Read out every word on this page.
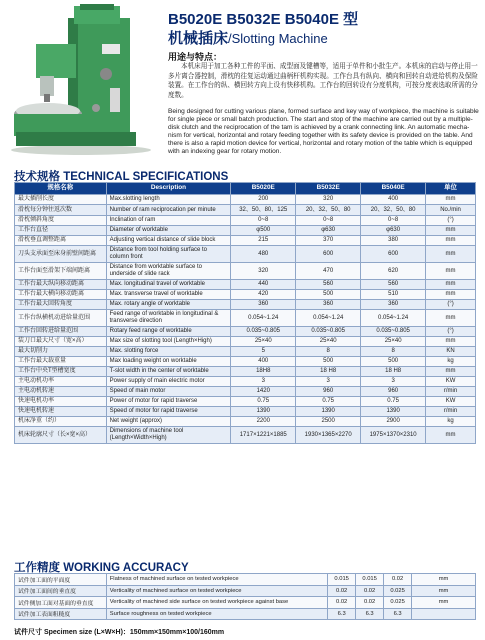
B5020E B5032E B5040E 型
机械插床/Slotting Machine
用途与特点：
本机床用于加工各种工件的平面、成型面及键槽等，适用于单件和小批生产。本机床的启动与停止用一多片离合器控制，滑枕的往复运动通过曲柄杆机构实现。工作台具有纵向、横向和回转自动进给机构及保险装置。在工作台的纵、横回转方向上设有快移机构。工作台的回转设有分度机构，可按分度表选取所需的分度数。
Being designed for cutting various plane, formed surface and key way of workpiece, the machine is suitable for single piece or small batch production. The start and stop of the machine are carried out by a multiple-disk clutch and the reciprocation of the tam is achieved by a crank connecting link. An automatic mecha-nism for vertical, horizontal and rotary feeding together with its safety device is provided on the table. And there is also a rapid motion device for vertical, horizontal and rotary motion of the table which is equipped with an indexing gear for rotary motion.
技术规格 TECHNICAL SPECIFICATIONS
规格名称	Description	B5020E	B5032E	B5040E	单位
最大插削长度	Max.slotting length	200	320	400	mm
滑枕每分钟往返次数	Number of ram reciprocation per minute	32、50、80、125	20、32、50、80	20、32、50、80	No./min
滑枕倾斜角度	Inclination of ram	0~8	0~8	0~8	(°)
工作台直径	Diameter of worktable	φ500	φ630	φ630	mm
滑枕垂直调整距离	Adjusting vertical distance of slide block	215	370	380	mm
刀头支承面至床身前壁间距离	Distance from tool holding surface to column front	480	600	600	mm
工作台面至滑架下端间距离	Distance from worktable surface to underside of slide rack	320	470	620	mm
工作台最大纵向移动距离	Max. longitudinal travel of worktable	440	560	560	mm
工作台最大横向移动距离	Max. transverse travel of worktable	420	500	510	mm
工作台最大回转角度	Max. rotary angle of worktable	360	360	360	(°)
工作台纵横机动进给量范围	Feed range of worktable in longitudinal & transverse direction	0.054~1.24	0.054~1.24	0.054~1.24	mm
工作台回转进给量范围	Rotary feed range of worktable	0.035~0.805	0.035~0.805	0.035~0.805	(°)
装刀口最大尺寸（宽×高）	Max size of slotting tool (Length×High)	25×40	25×40	25×40	mm
最大切削力	Max. slotting force	5	8	8	KN
工作台最大载重量	Max loading weight on worktable	400	500	500	kg
工作台中央T型槽宽度	T-slot width in the center of worktable	18H8	18 H8	18 H8	mm
主电动机功率	Power supply of main electric motor	3	3	3	KW
主电动机转速	Speed of main motor	1420	960	960	r/min
快速电机功率	Power of motor for rapid traverse	0.75	0.75	0.75	KW
快速电机转速	Speed of motor for rapid traverse	1390	1390	1390	r/min
机床净重（约）	Net weight (approx)	2200	2500	2900	kg
机床轮廓尺寸（长×宽×高）	Dimensions of machine tool (Length×Width×High)	1717×1221×1885	1930×1365×2270	1975×1370×2310	mm
工作精度 WORKING ACCURACY
试件加工面的平面度	Flatness of machined surface on tested workpiece	0.015	0.015	0.02	mm
试件加工面间的垂直度	Verticality of machined surface on tested workpiece	0.02	0.02	0.025	mm
试件侧加工面对基面的垂直度	Verticality of machined side surface on tested workpiece against base	0.02	0.02	0.025	mm
试件加工表面粗糙度	Surface roughness on tested workpiece	6.3	6.3	6.3	
试件尺寸 Specimen size (L×W×H)：150mm×150mm×100/160mm
